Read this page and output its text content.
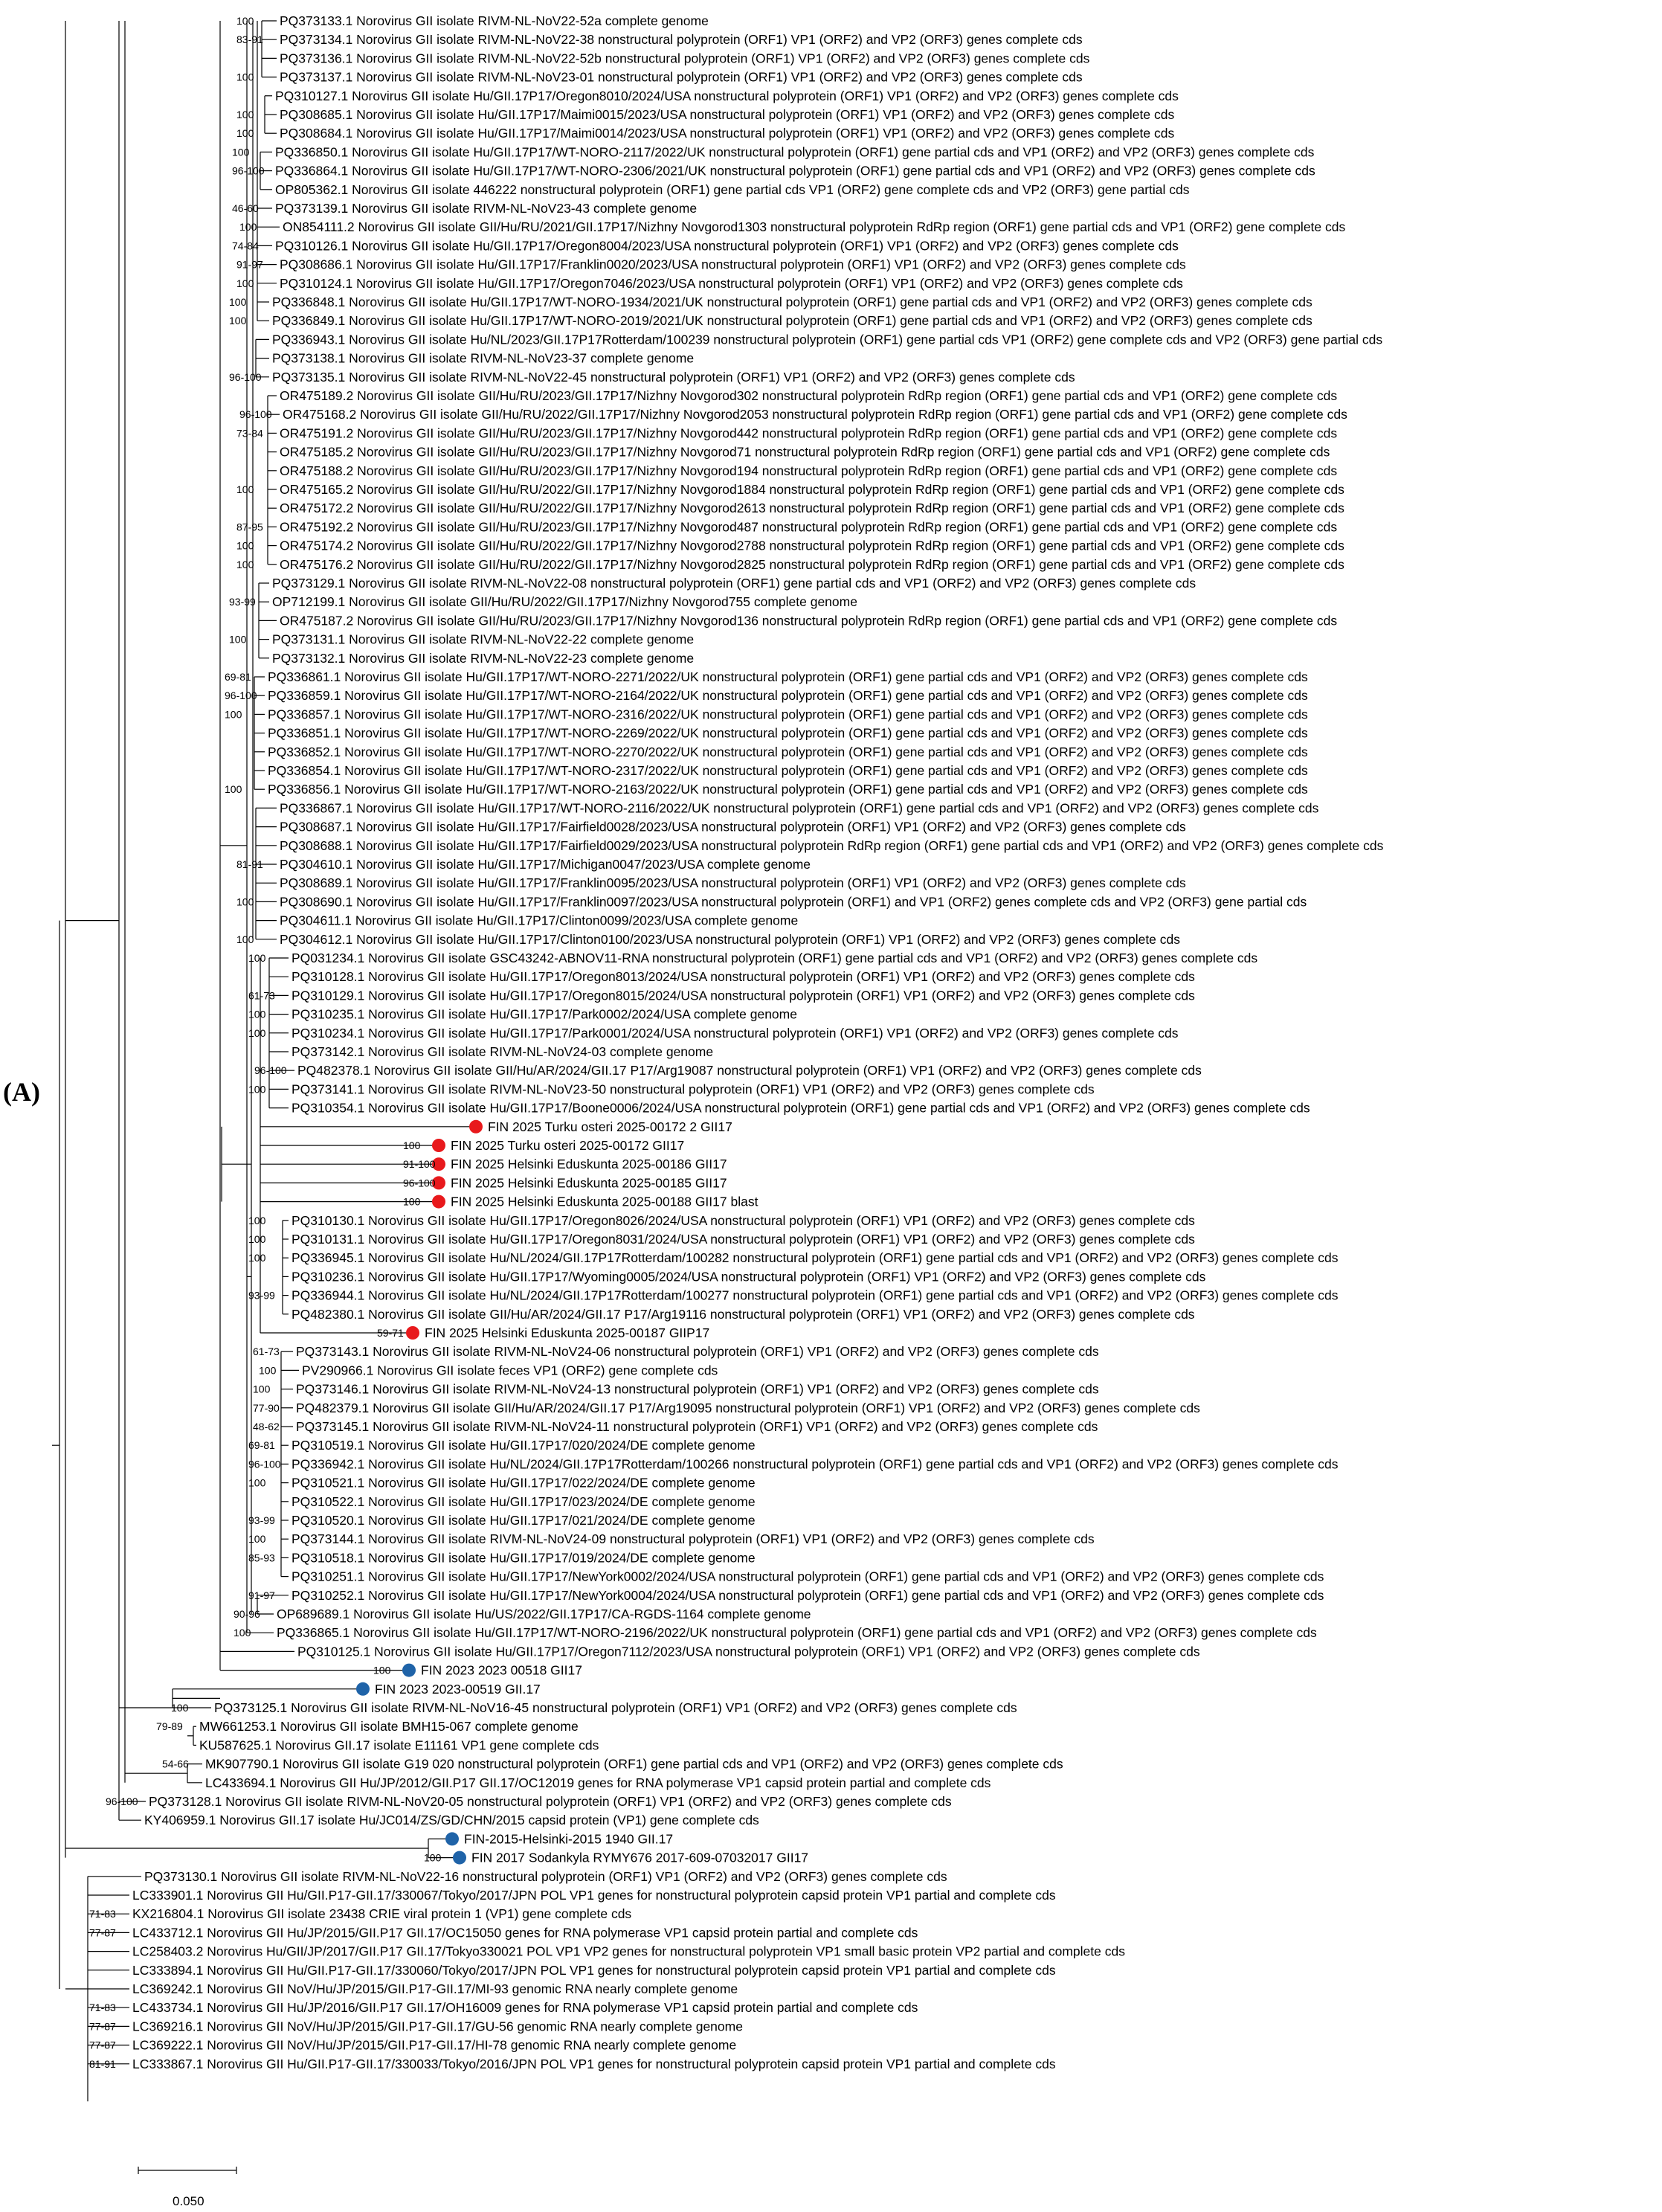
(A)
PQ373133.1 Norovirus GII isolate RIVM-NL-NoV22-52a complete genome
PQ373134.1 Norovirus GII isolate RIVM-NL-NoV22-38 nonstructural polyprotein (ORF1) VP1 (ORF2) and VP2 (ORF3) genes complete cds
PQ373136.1 Norovirus GII isolate RIVM-NL-NoV22-52b nonstructural polyprotein (ORF1) VP1 (ORF2) and VP2 (ORF3) genes complete cds
PQ373137.1 Norovirus GII isolate RIVM-NL-NoV23-01 nonstructural polyprotein (ORF1) VP1 (ORF2) and VP2 (ORF3) genes complete cds
PQ310127.1 Norovirus GII isolate Hu/GII.17P17/Oregon8010/2024/USA nonstructural polyprotein (ORF1) VP1 (ORF2) and VP2 (ORF3) genes complete cds
PQ308685.1 Norovirus GII isolate Hu/GII.17P17/Maimi0015/2023/USA nonstructural polyprotein (ORF1) VP1 (ORF2) and VP2 (ORF3) genes complete cds
PQ308684.1 Norovirus GII isolate Hu/GII.17P17/Maimi0014/2023/USA nonstructural polyprotein (ORF1) VP1 (ORF2) and VP2 (ORF3) genes complete cds
PQ336850.1 Norovirus GII isolate Hu/GII.17P17/WT-NORO-2117/2022/UK nonstructural polyprotein (ORF1) gene partial cds and VP1 (ORF2) and VP2 (ORF3) genes complete cds
PQ336864.1 Norovirus GII isolate Hu/GII.17P17/WT-NORO-2306/2021/UK nonstructural polyprotein (ORF1) gene partial cds and VP1 (ORF2) and VP2 (ORF3) genes complete cds
OP805362.1 Norovirus GII isolate 446222 nonstructural polyprotein (ORF1) gene partial cds VP1 (ORF2) gene complete cds and VP2 (ORF3) gene partial cds
PQ373139.1 Norovirus GII isolate RIVM-NL-NoV23-43 complete genome
ON854111.2 Norovirus GII isolate GII/Hu/RU/2021/GII.17P17/Nizhny Novgorod1303 nonstructural polyprotein RdRp region (ORF1) gene partial cds and VP1 (ORF2) gene complete cds
PQ310126.1 Norovirus GII isolate Hu/GII.17P17/Oregon8004/2023/USA nonstructural polyprotein (ORF1) VP1 (ORF2) and VP2 (ORF3) genes complete cds
PQ308686.1 Norovirus GII isolate Hu/GII.17P17/Franklin0020/2023/USA nonstructural polyprotein (ORF1) VP1 (ORF2) and VP2 (ORF3) genes complete cds
PQ310124.1 Norovirus GII isolate Hu/GII.17P17/Oregon7046/2023/USA nonstructural polyprotein (ORF1) VP1 (ORF2) and VP2 (ORF3) genes complete cds
PQ336848.1 Norovirus GII isolate Hu/GII.17P17/WT-NORO-1934/2021/UK nonstructural polyprotein (ORF1) gene partial cds and VP1 (ORF2) and VP2 (ORF3) genes complete cds
PQ336849.1 Norovirus GII isolate Hu/GII.17P17/WT-NORO-2019/2021/UK nonstructural polyprotein (ORF1) gene partial cds and VP1 (ORF2) and VP2 (ORF3) genes complete cds
PQ336943.1 Norovirus GII isolate Hu/NL/2023/GII.17P17Rotterdam/100239 nonstructural polyprotein (ORF1) gene partial cds VP1 (ORF2) gene complete cds and VP2 (ORF3) gene partial cds
PQ373138.1 Norovirus GII isolate RIVM-NL-NoV23-37 complete genome
PQ373135.1 Norovirus GII isolate RIVM-NL-NoV22-45 nonstructural polyprotein (ORF1) VP1 (ORF2) and VP2 (ORF3) genes complete cds
OR475189.2 Norovirus GII isolate GII/Hu/RU/2023/GII.17P17/Nizhny Novgorod302 nonstructural polyprotein RdRp region (ORF1) gene partial cds and VP1 (ORF2) gene complete cds
OR475168.2 Norovirus GII isolate GII/Hu/RU/2022/GII.17P17/Nizhny Novgorod2053 nonstructural polyprotein RdRp region (ORF1) gene partial cds and VP1 (ORF2) gene complete cds
OR475191.2 Norovirus GII isolate GII/Hu/RU/2023/GII.17P17/Nizhny Novgorod442 nonstructural polyprotein RdRp region (ORF1) gene partial cds and VP1 (ORF2) gene complete cds
OR475185.2 Norovirus GII isolate GII/Hu/RU/2023/GII.17P17/Nizhny Novgorod71 nonstructural polyprotein RdRp region (ORF1) gene partial cds and VP1 (ORF2) gene complete cds
OR475188.2 Norovirus GII isolate GII/Hu/RU/2023/GII.17P17/Nizhny Novgorod194 nonstructural polyprotein RdRp region (ORF1) gene partial cds and VP1 (ORF2) gene complete cds
OR475165.2 Norovirus GII isolate GII/Hu/RU/2022/GII.17P17/Nizhny Novgorod1884 nonstructural polyprotein RdRp region (ORF1) gene partial cds and VP1 (ORF2) gene complete cds
OR475172.2 Norovirus GII isolate GII/Hu/RU/2022/GII.17P17/Nizhny Novgorod2613 nonstructural polyprotein RdRp region (ORF1) gene partial cds and VP1 (ORF2) gene complete cds
OR475192.2 Norovirus GII isolate GII/Hu/RU/2023/GII.17P17/Nizhny Novgorod487 nonstructural polyprotein RdRp region (ORF1) gene partial cds and VP1 (ORF2) gene complete cds
OR475174.2 Norovirus GII isolate GII/Hu/RU/2022/GII.17P17/Nizhny Novgorod2788 nonstructural polyprotein RdRp region (ORF1) gene partial cds and VP1 (ORF2) gene complete cds
OR475176.2 Norovirus GII isolate GII/Hu/RU/2022/GII.17P17/Nizhny Novgorod2825 nonstructural polyprotein RdRp region (ORF1) gene partial cds and VP1 (ORF2) gene complete cds
PQ373129.1 Norovirus GII isolate RIVM-NL-NoV22-08 nonstructural polyprotein (ORF1) gene partial cds and VP1 (ORF2) and VP2 (ORF3) genes complete cds
OP712199.1 Norovirus GII isolate GII/Hu/RU/2022/GII.17P17/Nizhny Novgorod755 complete genome
OR475187.2 Norovirus GII isolate GII/Hu/RU/2023/GII.17P17/Nizhny Novgorod136 nonstructural polyprotein RdRp region (ORF1) gene partial cds and VP1 (ORF2) gene complete cds
PQ373131.1 Norovirus GII isolate RIVM-NL-NoV22-22 complete genome
PQ373132.1 Norovirus GII isolate RIVM-NL-NoV22-23 complete genome
PQ336861.1 Norovirus GII isolate Hu/GII.17P17/WT-NORO-2271/2022/UK nonstructural polyprotein (ORF1) gene partial cds and VP1 (ORF2) and VP2 (ORF3) genes complete cds
PQ336859.1 Norovirus GII isolate Hu/GII.17P17/WT-NORO-2164/2022/UK nonstructural polyprotein (ORF1) gene partial cds and VP1 (ORF2) and VP2 (ORF3) genes complete cds
PQ336857.1 Norovirus GII isolate Hu/GII.17P17/WT-NORO-2316/2022/UK nonstructural polyprotein (ORF1) gene partial cds and VP1 (ORF2) and VP2 (ORF3) genes complete cds
PQ336851.1 Norovirus GII isolate Hu/GII.17P17/WT-NORO-2269/2022/UK nonstructural polyprotein (ORF1) gene partial cds and VP1 (ORF2) and VP2 (ORF3) genes complete cds
PQ336852.1 Norovirus GII isolate Hu/GII.17P17/WT-NORO-2270/2022/UK nonstructural polyprotein (ORF1) gene partial cds and VP1 (ORF2) and VP2 (ORF3) genes complete cds
PQ336854.1 Norovirus GII isolate Hu/GII.17P17/WT-NORO-2317/2022/UK nonstructural polyprotein (ORF1) gene partial cds and VP1 (ORF2) and VP2 (ORF3) genes complete cds
PQ336856.1 Norovirus GII isolate Hu/GII.17P17/WT-NORO-2163/2022/UK nonstructural polyprotein (ORF1) gene partial cds and VP1 (ORF2) and VP2 (ORF3) genes complete cds
PQ336867.1 Norovirus GII isolate Hu/GII.17P17/WT-NORO-2116/2022/UK nonstructural polyprotein (ORF1) gene partial cds and VP1 (ORF2) and VP2 (ORF3) genes complete cds
PQ308687.1 Norovirus GII isolate Hu/GII.17P17/Fairfield0028/2023/USA nonstructural polyprotein (ORF1) VP1 (ORF2) and VP2 (ORF3) genes complete cds
PQ308688.1 Norovirus GII isolate Hu/GII.17P17/Fairfield0029/2023/USA nonstructural polyprotein RdRp region (ORF1) gene partial cds and VP1 (ORF2) and VP2 (ORF3) genes complete cds
PQ304610.1 Norovirus GII isolate Hu/GII.17P17/Michigan0047/2023/USA complete genome
PQ308689.1 Norovirus GII isolate Hu/GII.17P17/Franklin0095/2023/USA nonstructural polyprotein (ORF1) VP1 (ORF2) and VP2 (ORF3) genes complete cds
PQ308690.1 Norovirus GII isolate Hu/GII.17P17/Franklin0097/2023/USA nonstructural polyprotein (ORF1) and VP1 (ORF2) genes complete cds and VP2 (ORF3) gene partial cds
PQ304611.1 Norovirus GII isolate Hu/GII.17P17/Clinton0099/2023/USA complete genome
PQ304612.1 Norovirus GII isolate Hu/GII.17P17/Clinton0100/2023/USA nonstructural polyprotein (ORF1) VP1 (ORF2) and VP2 (ORF3) genes complete cds
PQ031234.1 Norovirus GII isolate GSC43242-ABNOV11-RNA nonstructural polyprotein (ORF1) gene partial cds and VP1 (ORF2) and VP2 (ORF3) genes complete cds
PQ310128.1 Norovirus GII isolate Hu/GII.17P17/Oregon8013/2024/USA nonstructural polyprotein (ORF1) VP1 (ORF2) and VP2 (ORF3) genes complete cds
PQ310129.1 Norovirus GII isolate Hu/GII.17P17/Oregon8015/2024/USA nonstructural polyprotein (ORF1) VP1 (ORF2) and VP2 (ORF3) genes complete cds
PQ310235.1 Norovirus GII isolate Hu/GII.17P17/Park0002/2024/USA complete genome
PQ310234.1 Norovirus GII isolate Hu/GII.17P17/Park0001/2024/USA nonstructural polyprotein (ORF1) VP1 (ORF2) and VP2 (ORF3) genes complete cds
PQ373142.1 Norovirus GII isolate RIVM-NL-NoV24-03 complete genome
PQ482378.1 Norovirus GII isolate GII/Hu/AR/2024/GII.17 P17/Arg19087 nonstructural polyprotein (ORF1) VP1 (ORF2) and VP2 (ORF3) genes complete cds
PQ373141.1 Norovirus GII isolate RIVM-NL-NoV23-50 nonstructural polyprotein (ORF1) VP1 (ORF2) and VP2 (ORF3) genes complete cds
PQ310354.1 Norovirus GII isolate Hu/GII.17P17/Boone0006/2024/USA nonstructural polyprotein (ORF1) gene partial cds and VP1 (ORF2) and VP2 (ORF3) genes complete cds
FIN 2025 Turku osteri 2025-00172 2 GII17
FIN 2025 Turku osteri 2025-00172 GII17
FIN 2025 Helsinki Eduskunta 2025-00186 GII17
FIN 2025 Helsinki Eduskunta 2025-00185 GII17
FIN 2025 Helsinki Eduskunta 2025-00188 GII17 blast
PQ310130.1 Norovirus GII isolate Hu/GII.17P17/Oregon8026/2024/USA nonstructural polyprotein (ORF1) VP1 (ORF2) and VP2 (ORF3) genes complete cds
PQ310131.1 Norovirus GII isolate Hu/GII.17P17/Oregon8031/2024/USA nonstructural polyprotein (ORF1) VP1 (ORF2) and VP2 (ORF3) genes complete cds
PQ336945.1 Norovirus GII isolate Hu/NL/2024/GII.17P17Rotterdam/100282 nonstructural polyprotein (ORF1) gene partial cds and VP1 (ORF2) and VP2 (ORF3) genes complete cds
PQ310236.1 Norovirus GII isolate Hu/GII.17P17/Wyoming0005/2024/USA nonstructural polyprotein (ORF1) VP1 (ORF2) and VP2 (ORF3) genes complete cds
PQ336944.1 Norovirus GII isolate Hu/NL/2024/GII.17P17Rotterdam/100277 nonstructural polyprotein (ORF1) gene partial cds and VP1 (ORF2) and VP2 (ORF3) genes complete cds
PQ482380.1 Norovirus GII isolate GII/Hu/AR/2024/GII.17 P17/Arg19116 nonstructural polyprotein (ORF1) VP1 (ORF2) and VP2 (ORF3) genes complete cds
FIN 2025 Helsinki Eduskunta 2025-00187 GIIP17
PQ373143.1 Norovirus GII isolate RIVM-NL-NoV24-06 nonstructural polyprotein (ORF1) VP1 (ORF2) and VP2 (ORF3) genes complete cds
PV290966.1 Norovirus GII isolate feces VP1 (ORF2) gene complete cds
PQ373146.1 Norovirus GII isolate RIVM-NL-NoV24-13 nonstructural polyprotein (ORF1) VP1 (ORF2) and VP2 (ORF3) genes complete cds
PQ482379.1 Norovirus GII isolate GII/Hu/AR/2024/GII.17 P17/Arg19095 nonstructural polyprotein (ORF1) VP1 (ORF2) and VP2 (ORF3) genes complete cds
PQ373145.1 Norovirus GII isolate RIVM-NL-NoV24-11 nonstructural polyprotein (ORF1) VP1 (ORF2) and VP2 (ORF3) genes complete cds
PQ310519.1 Norovirus GII isolate Hu/GII.17P17/020/2024/DE complete genome
PQ336942.1 Norovirus GII isolate Hu/NL/2024/GII.17P17Rotterdam/100266 nonstructural polyprotein (ORF1) gene partial cds and VP1 (ORF2) and VP2 (ORF3) genes complete cds
PQ310521.1 Norovirus GII isolate Hu/GII.17P17/022/2024/DE complete genome
PQ310522.1 Norovirus GII isolate Hu/GII.17P17/023/2024/DE complete genome
PQ310520.1 Norovirus GII isolate Hu/GII.17P17/021/2024/DE complete genome
PQ373144.1 Norovirus GII isolate RIVM-NL-NoV24-09 nonstructural polyprotein (ORF1) VP1 (ORF2) and VP2 (ORF3) genes complete cds
PQ310518.1 Norovirus GII isolate Hu/GII.17P17/019/2024/DE complete genome
PQ310251.1 Norovirus GII isolate Hu/GII.17P17/NewYork0002/2024/USA nonstructural polyprotein (ORF1) gene partial cds and VP1 (ORF2) and VP2 (ORF3) genes complete cds
PQ310252.1 Norovirus GII isolate Hu/GII.17P17/NewYork0004/2024/USA nonstructural polyprotein (ORF1) gene partial cds and VP1 (ORF2) and VP2 (ORF3) genes complete cds
OP689689.1 Norovirus GII isolate Hu/US/2022/GII.17P17/CA-RGDS-1164 complete genome
PQ336865.1 Norovirus GII isolate Hu/GII.17P17/WT-NORO-2196/2022/UK nonstructural polyprotein (ORF1) gene partial cds and VP1 (ORF2) and VP2 (ORF3) genes complete cds
PQ310125.1 Norovirus GII isolate Hu/GII.17P17/Oregon7112/2023/USA nonstructural polyprotein (ORF1) VP1 (ORF2) and VP2 (ORF3) genes complete cds
FIN 2023 2023 00518 GII17
FIN 2023 2023-00519 GII.17
PQ373125.1 Norovirus GII isolate RIVM-NL-NoV16-45 nonstructural polyprotein (ORF1) VP1 (ORF2) and VP2 (ORF3) genes complete cds
MW661253.1 Norovirus GII isolate BMH15-067 complete genome
KU587625.1 Norovirus GII.17 isolate E11161 VP1 gene complete cds
MK907790.1 Norovirus GII isolate G19 020 nonstructural polyprotein (ORF1) gene partial cds and VP1 (ORF2) and VP2 (ORF3) genes complete cds
LC433694.1 Norovirus GII Hu/JP/2012/GII.P17 GII.17/OC12019 genes for RNA polymerase VP1 capsid protein partial and complete cds
PQ373128.1 Norovirus GII isolate RIVM-NL-NoV20-05 nonstructural polyprotein (ORF1) VP1 (ORF2) and VP2 (ORF3) genes complete cds
KY406959.1 Norovirus GII.17 isolate Hu/JC014/ZS/GD/CHN/2015 capsid protein (VP1) gene complete cds
FIN-2015-Helsinki-2015 1940 GII.17
FIN 2017 Sodankyla RYMY676 2017-609-07032017 GII17
PQ373130.1 Norovirus GII isolate RIVM-NL-NoV22-16 nonstructural polyprotein (ORF1) VP1 (ORF2) and VP2 (ORF3) genes complete cds
LC333901.1 Norovirus GII Hu/GII.P17-GII.17/330067/Tokyo/2017/JPN POL VP1 genes for nonstructural polyprotein capsid protein VP1 partial and complete cds
KX216804.1 Norovirus GII isolate 23438 CRIE viral protein 1 (VP1) gene complete cds
LC433712.1 Norovirus GII Hu/JP/2015/GII.P17 GII.17/OC15050 genes for RNA polymerase VP1 capsid protein partial and complete cds
LC258403.2 Norovirus Hu/GII/JP/2017/GII.P17 GII.17/Tokyo330021 POL VP1 VP2 genes for nonstructural polyprotein VP1 small basic protein VP2 partial and complete cds
LC333894.1 Norovirus GII Hu/GII.P17-GII.17/330060/Tokyo/2017/JPN POL VP1 genes for nonstructural polyprotein capsid protein VP1 partial and complete cds
LC369242.1 Norovirus GII NoV/Hu/JP/2015/GII.P17-GII.17/MI-93 genomic RNA nearly complete genome
LC433734.1 Norovirus GII Hu/JP/2016/GII.P17 GII.17/OH16009 genes for RNA polymerase VP1 capsid protein partial and complete cds
LC369216.1 Norovirus GII NoV/Hu/JP/2015/GII.P17-GII.17/GU-56 genomic RNA nearly complete genome
LC369222.1 Norovirus GII NoV/Hu/JP/2015/GII.P17-GII.17/HI-78 genomic RNA nearly complete genome
LC333867.1 Norovirus GII Hu/GII.P17-GII.17/330033/Tokyo/2016/JPN POL VP1 genes for nonstructural polyprotein capsid protein VP1 partial and complete cds
100
83-91
100
100
100
100
96-100
46-60
100
74-84
91-97
100
100
100
96-100
96-100
73-84
100
87-95
100
100
93-99
100
69-81
96-100
100
100
81-91
100
100
100
61-73
100
100
96-100
100
100
91-100
96-100
100
100
100
100
93-99
59-71
61-73
100
100
77-90
48-62
69-81
96-100
100
93-99
100
85-93
91-97
90-96
100
100
100
79-89
54-66
96-100
100
71-83
77-87
71-83
77-87
77-87
81-91
0.050
